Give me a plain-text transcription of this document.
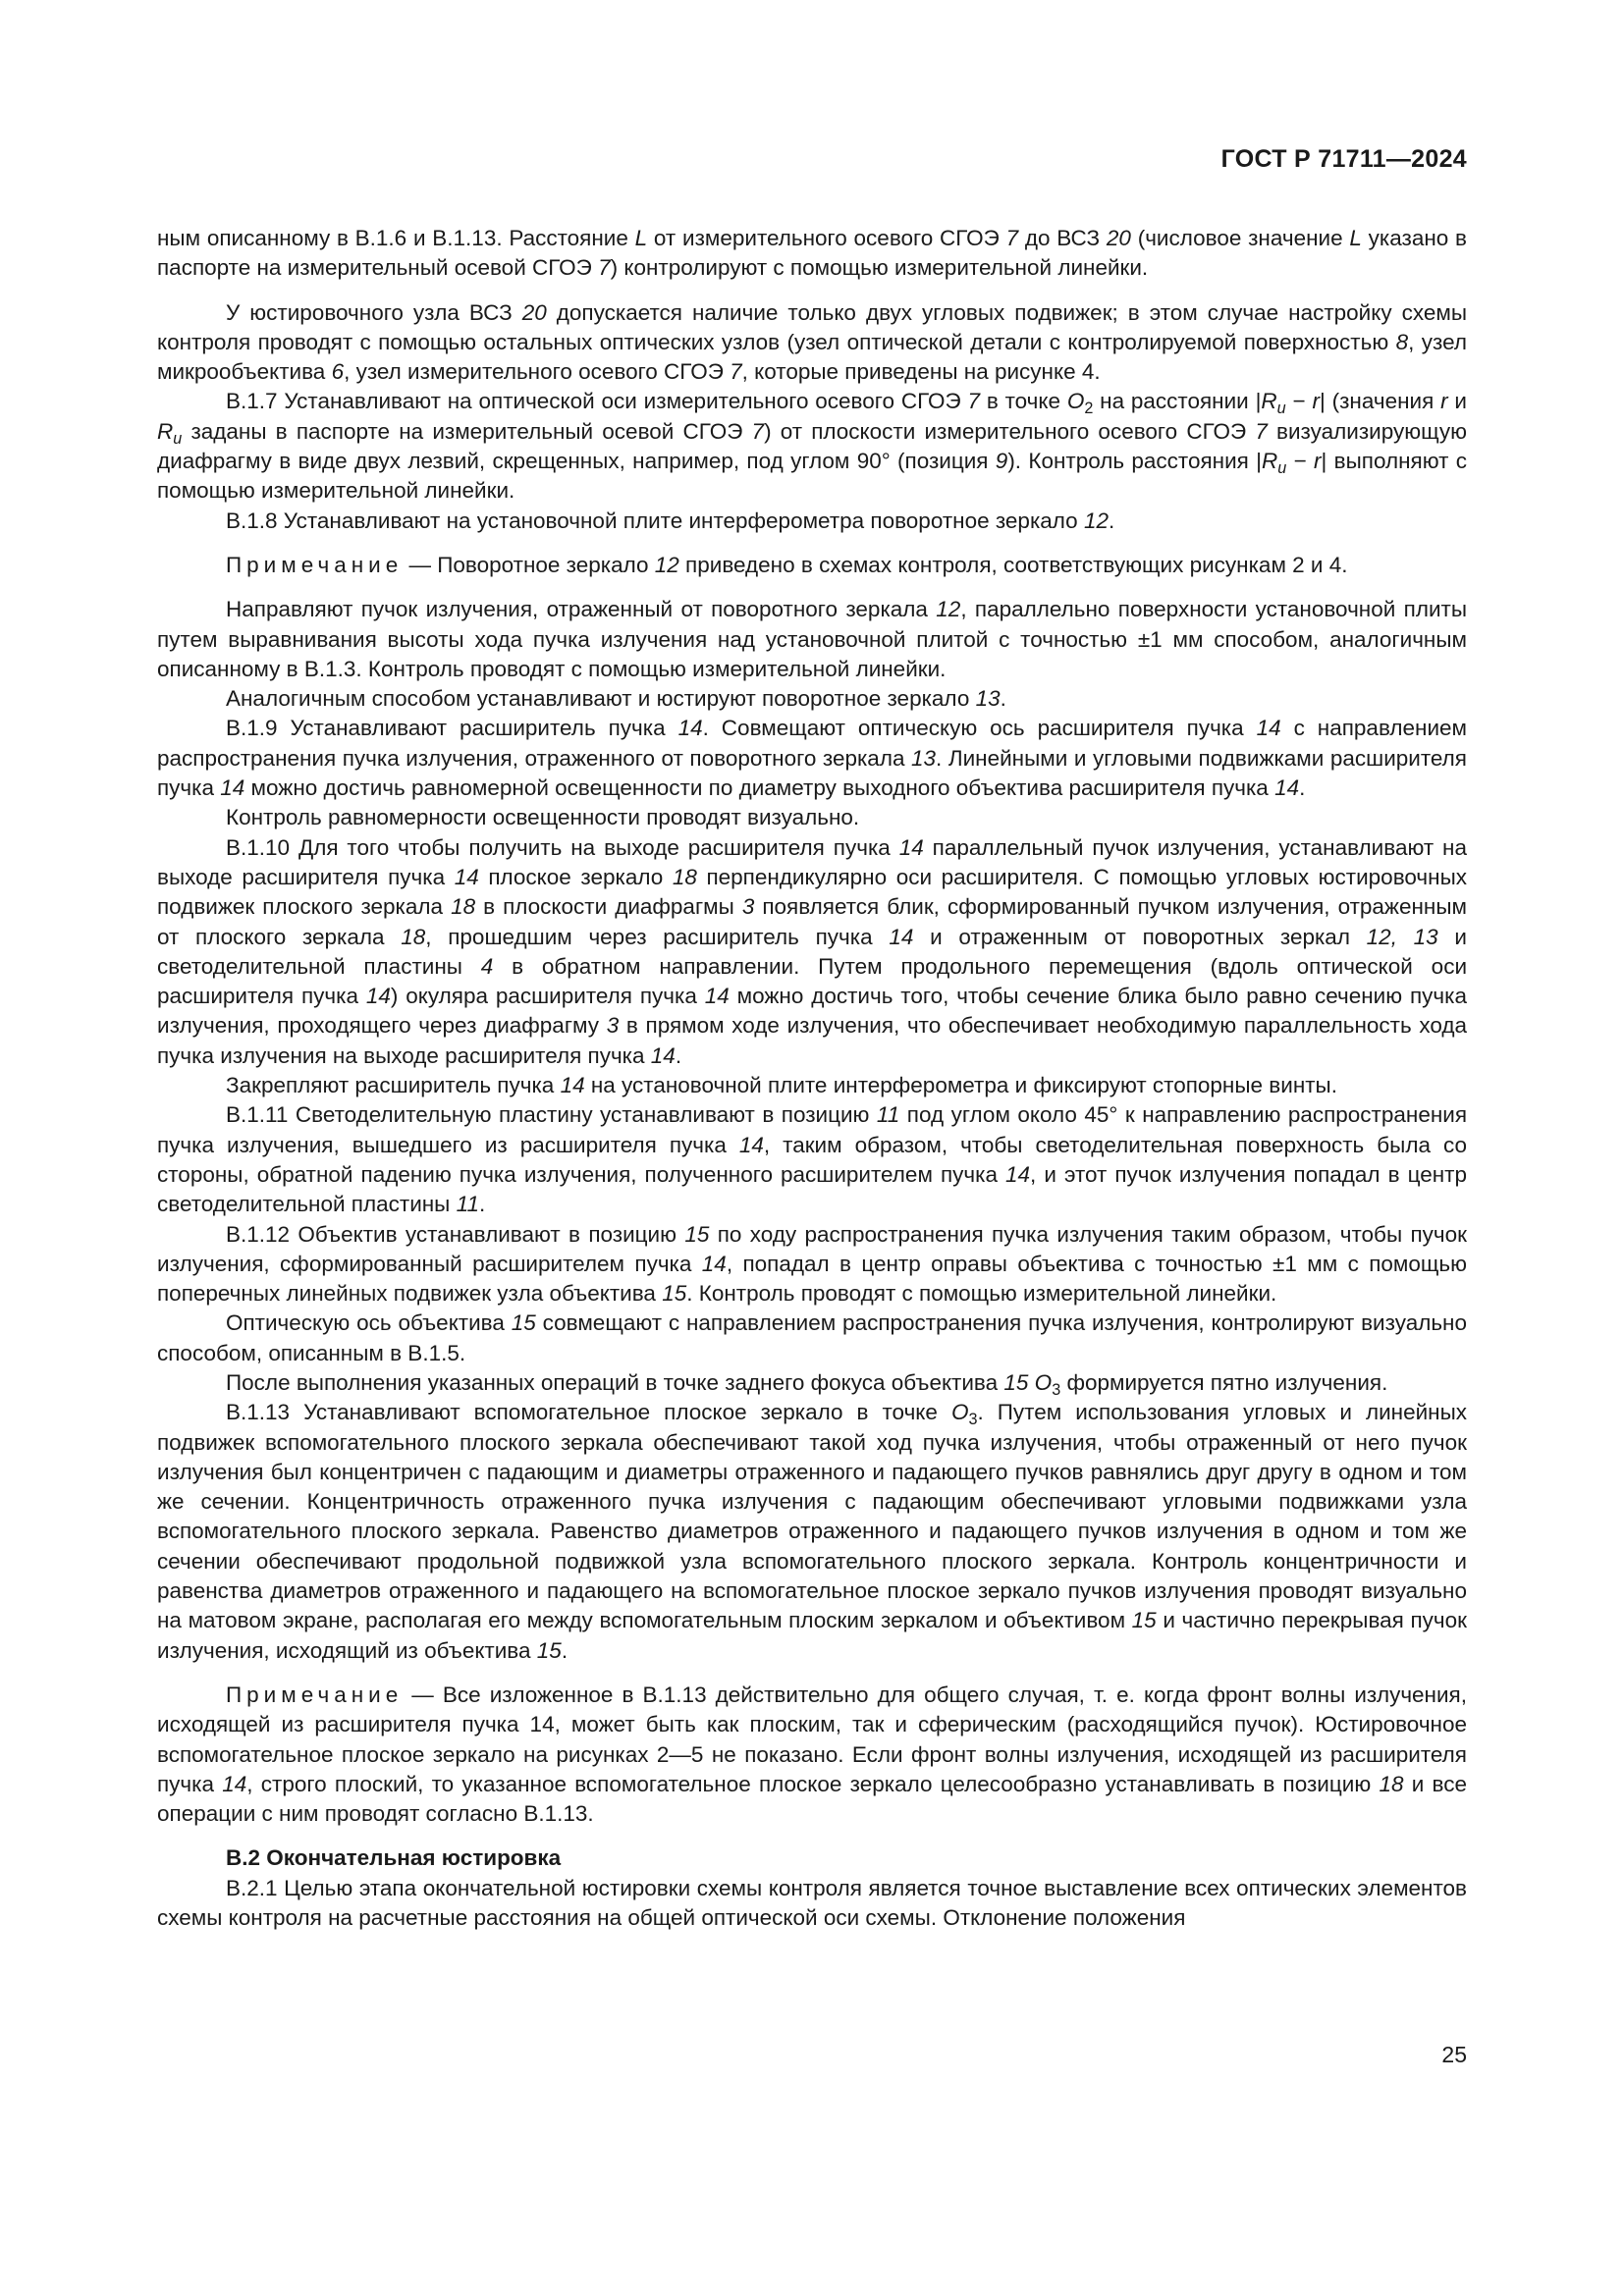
ГОСТ Р 71711—2024

ным описанному в В.1.6 и В.1.13. Расстояние L от измерительного осевого СГОЭ 7 до ВСЗ 20 (числовое значение L указано в паспорте на измерительный осевой СГОЭ 7) контролируют с помощью измерительной линейки.

У юстировочного узла ВСЗ 20 допускается наличие только двух угловых подвижек; в этом случае настройку схемы контроля проводят с помощью остальных оптических узлов (узел оптической детали с контролируемой поверхностью 8, узел микрообъектива 6, узел измерительного осевого СГОЭ 7, которые приведены на рисунке 4.

В.1.7 Устанавливают на оптической оси измерительного осевого СГОЭ 7 в точке $O_2$ на расстоянии $|R_u - r|$ (значения r и $R_u$ заданы в паспорте на измерительный осевой СГОЭ 7) от плоскости измерительного осевого СГОЭ 7 визуализирующую диафрагму в виде двух лезвий, скрещенных, например, под углом 90° (позиция 9). Контроль расстояния $|R_u - r|$ выполняют с помощью измерительной линейки.

В.1.8 Устанавливают на установочной плите интерферометра поворотное зеркало 12.

Примечание — Поворотное зеркало 12 приведено в схемах контроля, соответствующих рисункам 2 и 4.

Направляют пучок излучения, отраженный от поворотного зеркала 12, параллельно поверхности установочной плиты путем выравнивания высоты хода пучка излучения над установочной плитой с точностью ±1 мм способом, аналогичным описанному в В.1.3. Контроль проводят с помощью измерительной линейки.

Аналогичным способом устанавливают и юстируют поворотное зеркало 13.

В.1.9 Устанавливают расширитель пучка 14. Совмещают оптическую ось расширителя пучка 14 с направлением распространения пучка излучения, отраженного от поворотного зеркала 13. Линейными и угловыми подвижками расширителя пучка 14 можно достичь равномерной освещенности по диаметру выходного объектива расширителя пучка 14.

Контроль равномерности освещенности проводят визуально.

В.1.10 Для того чтобы получить на выходе расширителя пучка 14 параллельный пучок излучения, устанавливают на выходе расширителя пучка 14 плоское зеркало 18 перпендикулярно оси расширителя. С помощью угловых юстировочных подвижек плоского зеркала 18 в плоскости диафрагмы 3 появляется блик, сформированный пучком излучения, отраженным от плоского зеркала 18, прошедшим через расширитель пучка 14 и отраженным от поворотных зеркал 12, 13 и светоделительной пластины 4 в обратном направлении. Путем продольного перемещения (вдоль оптической оси расширителя пучка 14) окуляра расширителя пучка 14 можно достичь того, чтобы сечение блика было равно сечению пучка излучения, проходящего через диафрагму 3 в прямом ходе излучения, что обеспечивает необходимую параллельность хода пучка излучения на выходе расширителя пучка 14.

Закрепляют расширитель пучка 14 на установочной плите интерферометра и фиксируют стопорные винты.

В.1.11 Светоделительную пластину устанавливают в позицию 11 под углом около 45° к направлению распространения пучка излучения, вышедшего из расширителя пучка 14, таким образом, чтобы светоделительная поверхность была со стороны, обратной падению пучка излучения, полученного расширителем пучка 14, и этот пучок излучения попадал в центр светоделительной пластины 11.

В.1.12 Объектив устанавливают в позицию 15 по ходу распространения пучка излучения таким образом, чтобы пучок излучения, сформированный расширителем пучка 14, попадал в центр оправы объектива с точностью ±1 мм с помощью поперечных линейных подвижек узла объектива 15. Контроль проводят с помощью измерительной линейки.

Оптическую ось объектива 15 совмещают с направлением распространения пучка излучения, контролируют визуально способом, описанным в В.1.5.

После выполнения указанных операций в точке заднего фокуса объектива 15 $O_3$ формируется пятно излучения.

В.1.13 Устанавливают вспомогательное плоское зеркало в точке $O_3$. Путем использования угловых и линейных подвижек вспомогательного плоского зеркала обеспечивают такой ход пучка излучения, чтобы отраженный от него пучок излучения был концентричен с падающим и диаметры отраженного и падающего пучков равнялись друг другу в одном и том же сечении. Концентричность отраженного пучка излучения с падающим обеспечивают угловыми подвижками узла вспомогательного плоского зеркала. Равенство диаметров отраженного и падающего пучков излучения в одном и том же сечении обеспечивают продольной подвижкой узла вспомогательного плоского зеркала. Контроль концентричности и равенства диаметров отраженного и падающего на вспомогательное плоское зеркало пучков излучения проводят визуально на матовом экране, располагая его между вспомогательным плоским зеркалом и объективом 15 и частично перекрывая пучок излучения, исходящий из объектива 15.

Примечание — Все изложенное в В.1.13 действительно для общего случая, т. е. когда фронт волны излучения, исходящей из расширителя пучка 14, может быть как плоским, так и сферическим (расходящийся пучок). Юстировочное вспомогательное плоское зеркало на рисунках 2—5 не показано. Если фронт волны излучения, исходящей из расширителя пучка 14, строго плоский, то указанное вспомогательное плоское зеркало целесообразно устанавливать в позицию 18 и все операции с ним проводят согласно В.1.13.

В.2 Окончательная юстировка

В.2.1 Целью этапа окончательной юстировки схемы контроля является точное выставление всех оптических элементов схемы контроля на расчетные расстояния на общей оптической оси схемы. Отклонение положения

25
